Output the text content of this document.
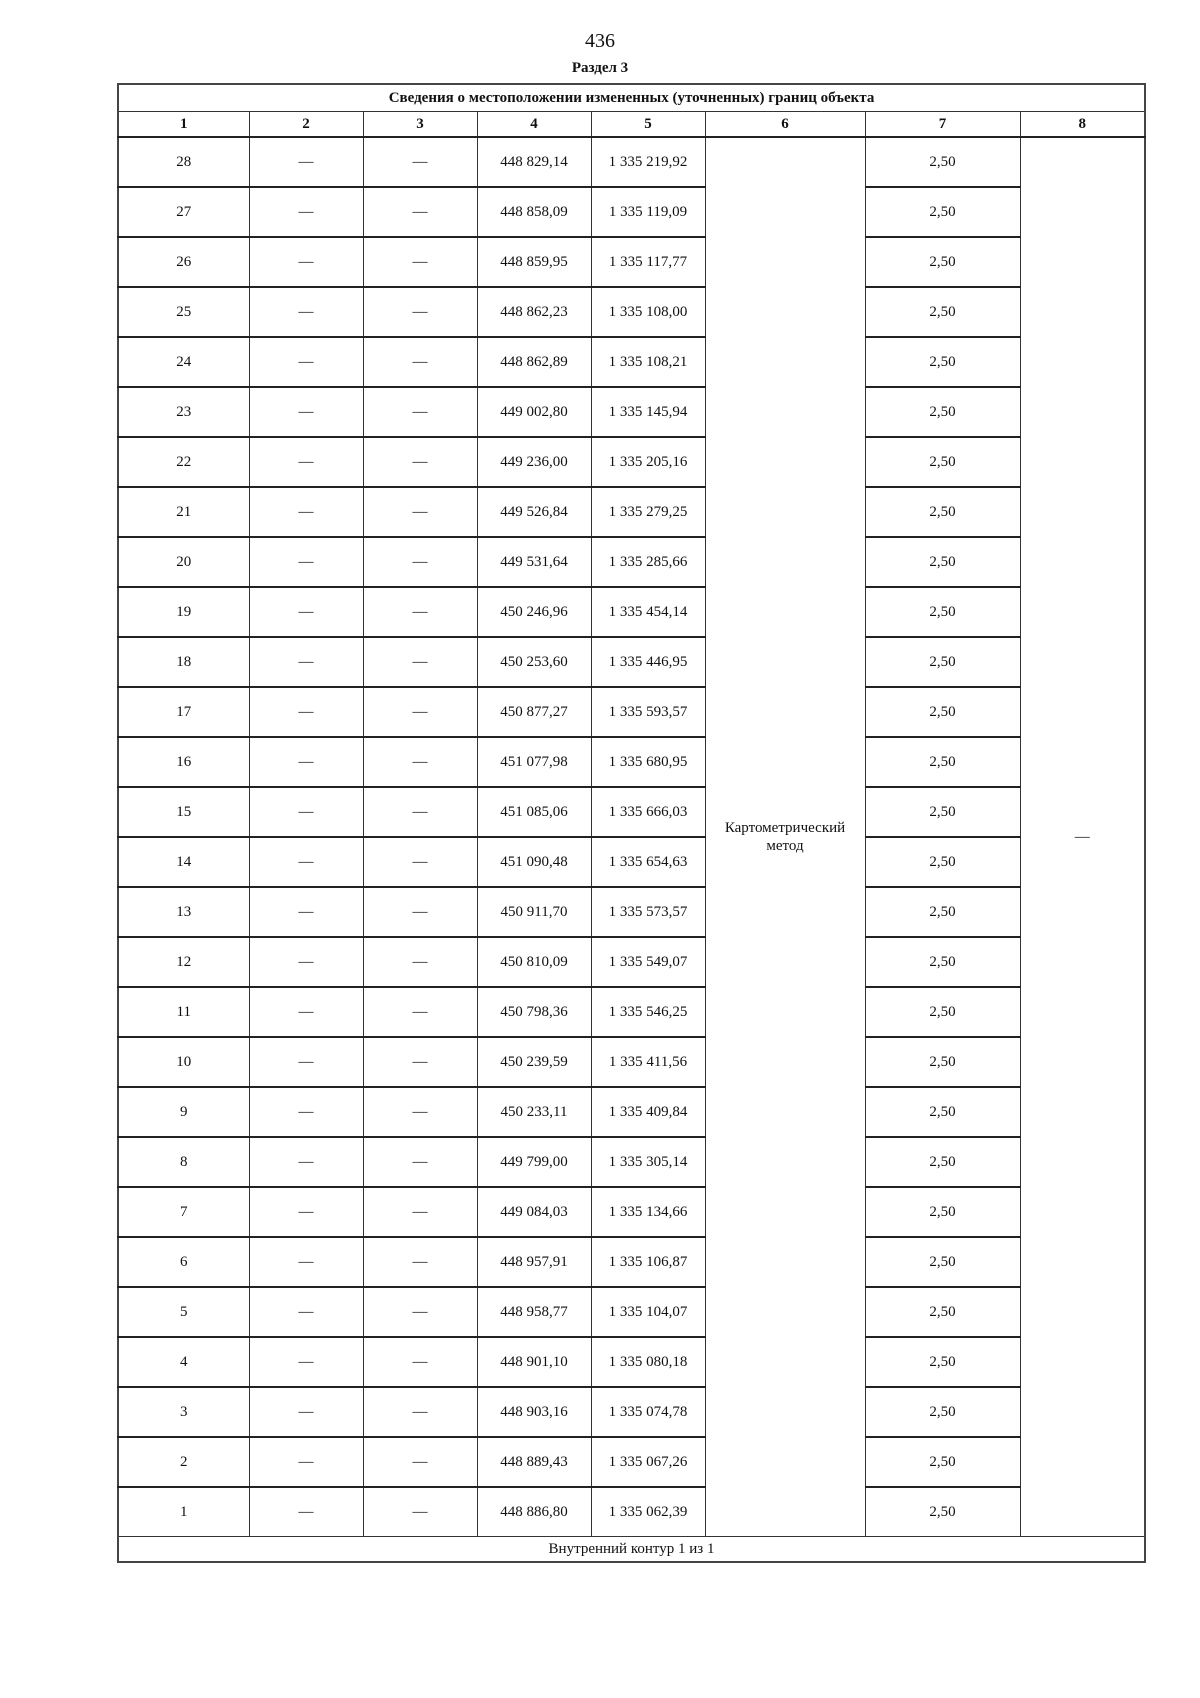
436
Раздел 3
Сведения о местоположении измененных (уточненных) границ объекта							
1	2	3	4	5	6	7	8
28	—	—	448 829,14	1 335 219,92	Картометрический метод	2,50	—
27	—	—	448 858,09	1 335 119,09		2,50	
26	—	—	448 859,95	1 335 117,77		2,50	
25	—	—	448 862,23	1 335 108,00		2,50	
24	—	—	448 862,89	1 335 108,21		2,50	
23	—	—	449 002,80	1 335 145,94		2,50	
22	—	—	449 236,00	1 335 205,16		2,50	
21	—	—	449 526,84	1 335 279,25		2,50	
20	—	—	449 531,64	1 335 285,66		2,50	
19	—	—	450 246,96	1 335 454,14		2,50	
18	—	—	450 253,60	1 335 446,95		2,50	
17	—	—	450 877,27	1 335 593,57		2,50	
16	—	—	451 077,98	1 335 680,95		2,50	
15	—	—	451 085,06	1 335 666,03		2,50	
14	—	—	451 090,48	1 335 654,63		2,50	
13	—	—	450 911,70	1 335 573,57		2,50	
12	—	—	450 810,09	1 335 549,07		2,50	
11	—	—	450 798,36	1 335 546,25		2,50	
10	—	—	450 239,59	1 335 411,56		2,50	
9	—	—	450 233,11	1 335 409,84		2,50	
8	—	—	449 799,00	1 335 305,14		2,50	
7	—	—	449 084,03	1 335 134,66		2,50	
6	—	—	448 957,91	1 335 106,87		2,50	
5	—	—	448 958,77	1 335 104,07		2,50	
4	—	—	448 901,10	1 335 080,18		2,50	
3	—	—	448 903,16	1 335 074,78		2,50	
2	—	—	448 889,43	1 335 067,26		2,50	
1	—	—	448 886,80	1 335 062,39		2,50	
Внутренний контур 1 из 1							
